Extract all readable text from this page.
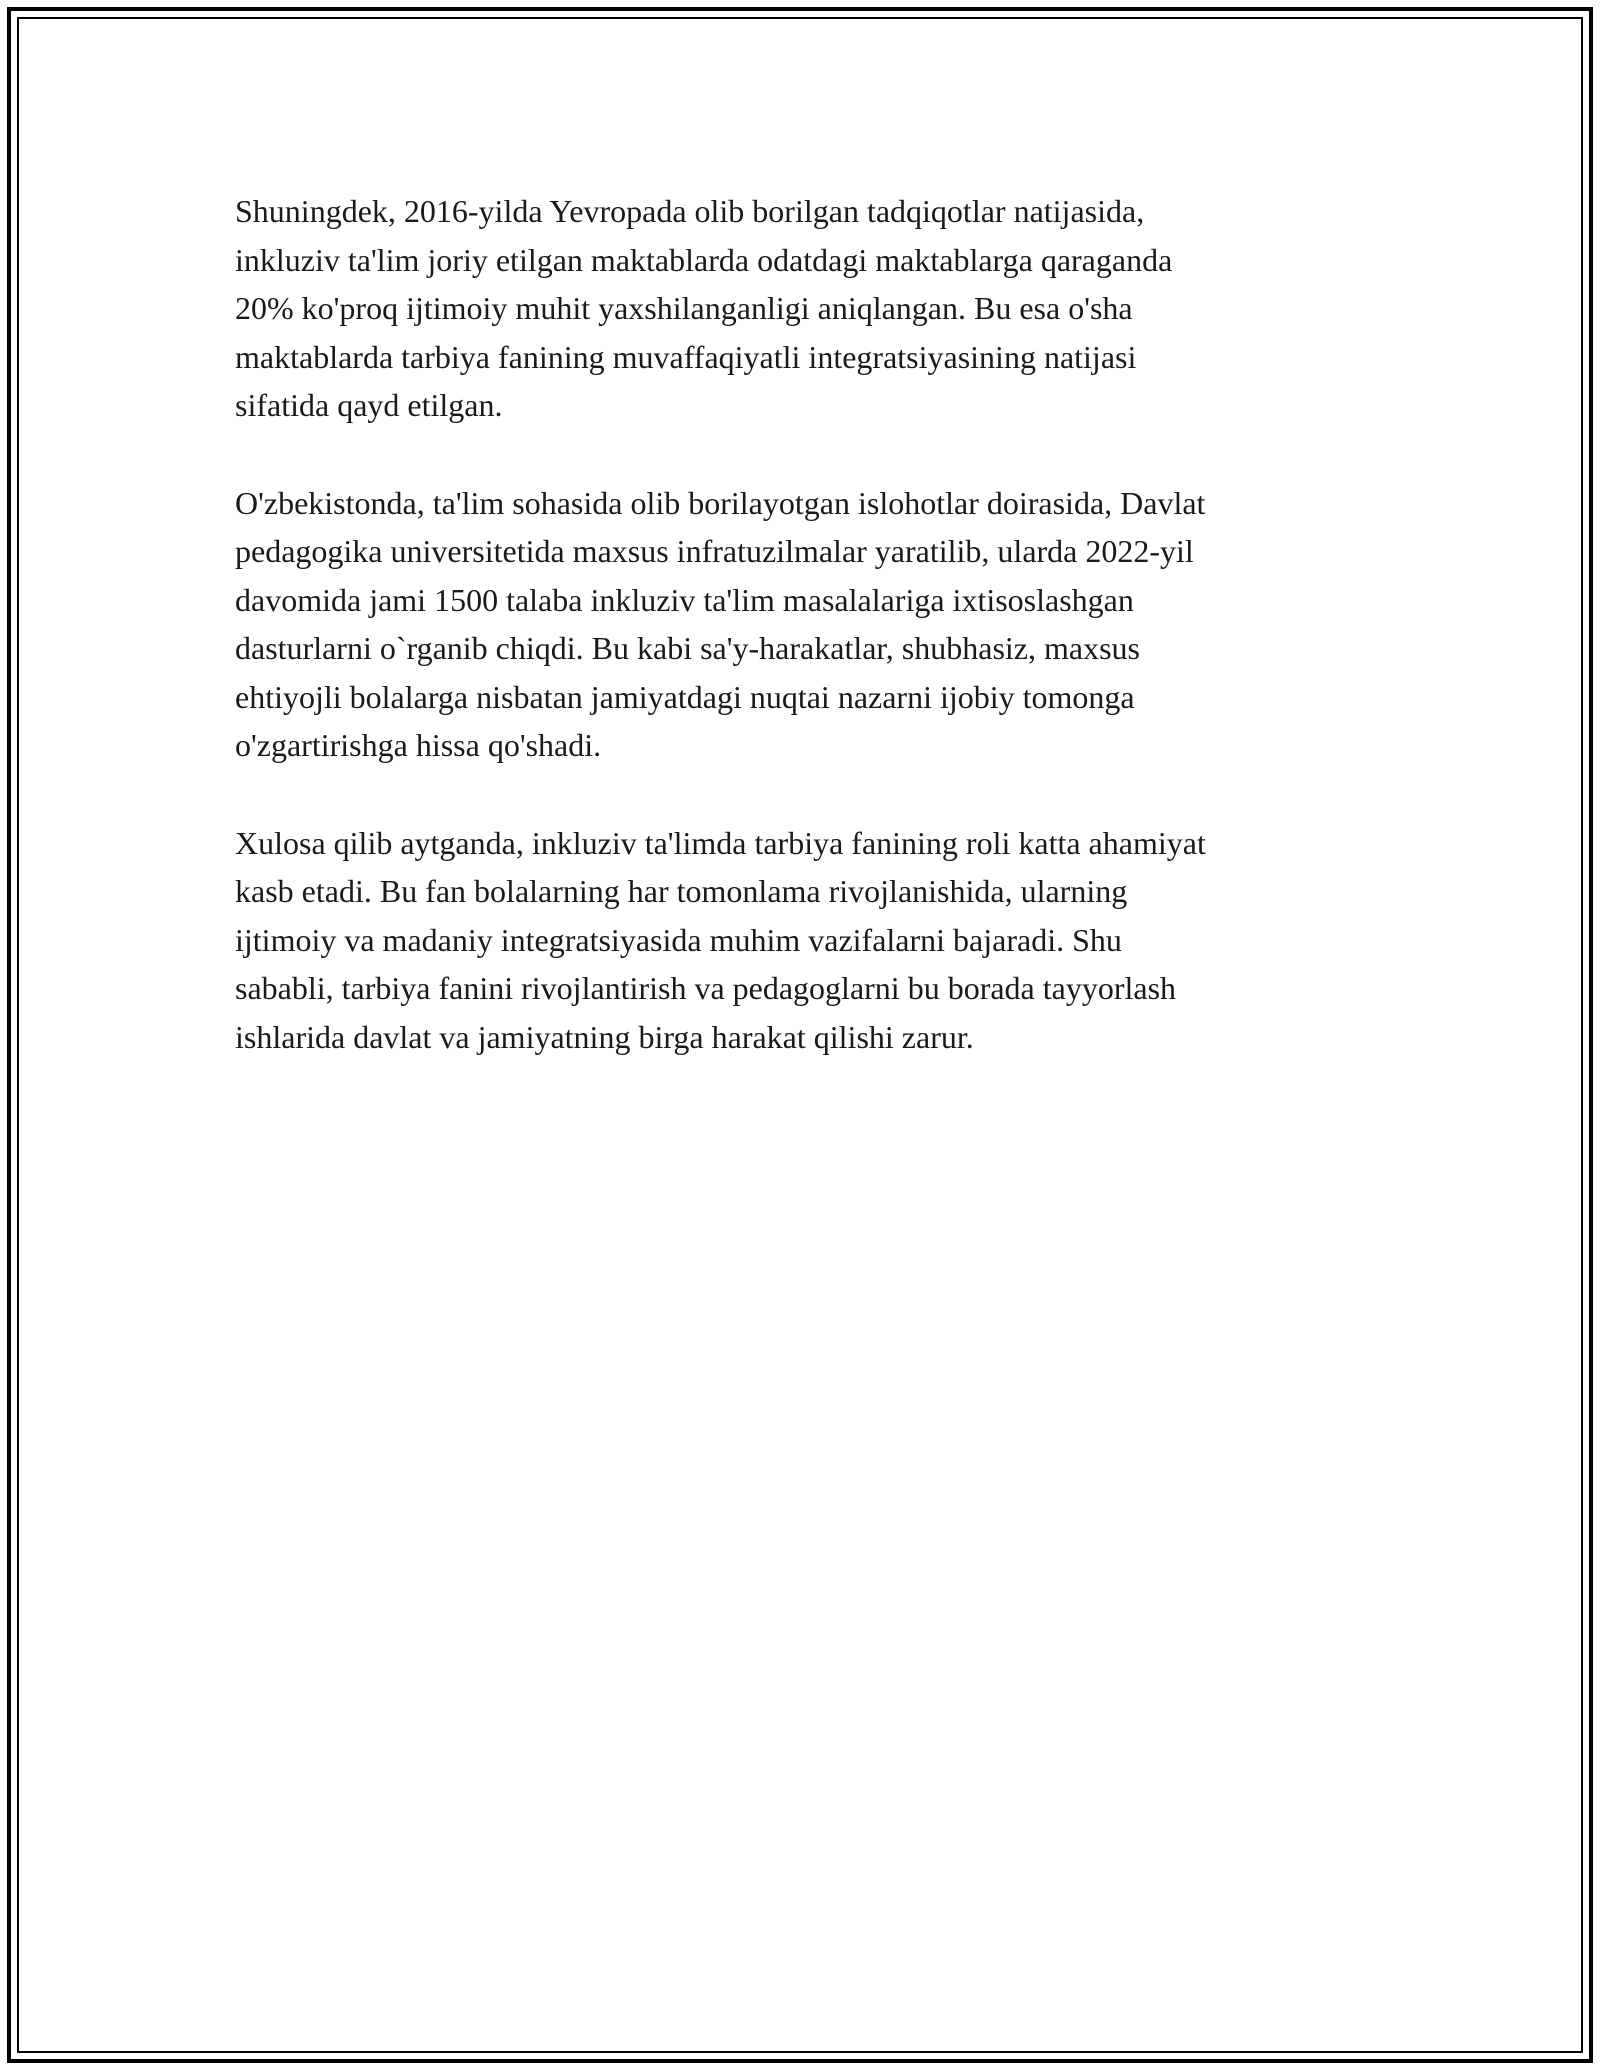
Shuningdek, 2016-yilda Yevropada olib borilgan tadqiqotlar natijasida,
inkluziv ta'lim joriy etilgan maktablarda odatdagi maktablarga qaraganda
20% ko'proq ijtimoiy muhit yaxshilanganligi aniqlangan. Bu esa o'sha
maktablarda tarbiya fanining muvaffaqiyatli integratsiyasining natijasi
sifatida qayd etilgan.

O'zbekistonda, ta'lim sohasida olib borilayotgan islohotlar doirasida, Davlat
pedagogika universitetida maxsus infratuzilmalar yaratilib, ularda 2022-yil
davomida jami 1500 talaba inkluziv ta'lim masalalariga ixtisoslashgan
dasturlarni o`rganib chiqdi. Bu kabi sa'y-harakatlar, shubhasiz, maxsus
ehtiyojli bolalarga nisbatan jamiyatdagi nuqtai nazarni ijobiy tomonga
o'zgartirishga hissa qo'shadi.

Xulosa qilib aytganda, inkluziv ta'limda tarbiya fanining roli katta ahamiyat
kasb etadi. Bu fan bolalarning har tomonlama rivojlanishida, ularning
ijtimoiy va madaniy integratsiyasida muhim vazifalarni bajaradi. Shu
sababli, tarbiya fanini rivojlantirish va pedagoglarni bu borada tayyorlash
ishlarida davlat va jamiyatning birga harakat qilishi zarur.
